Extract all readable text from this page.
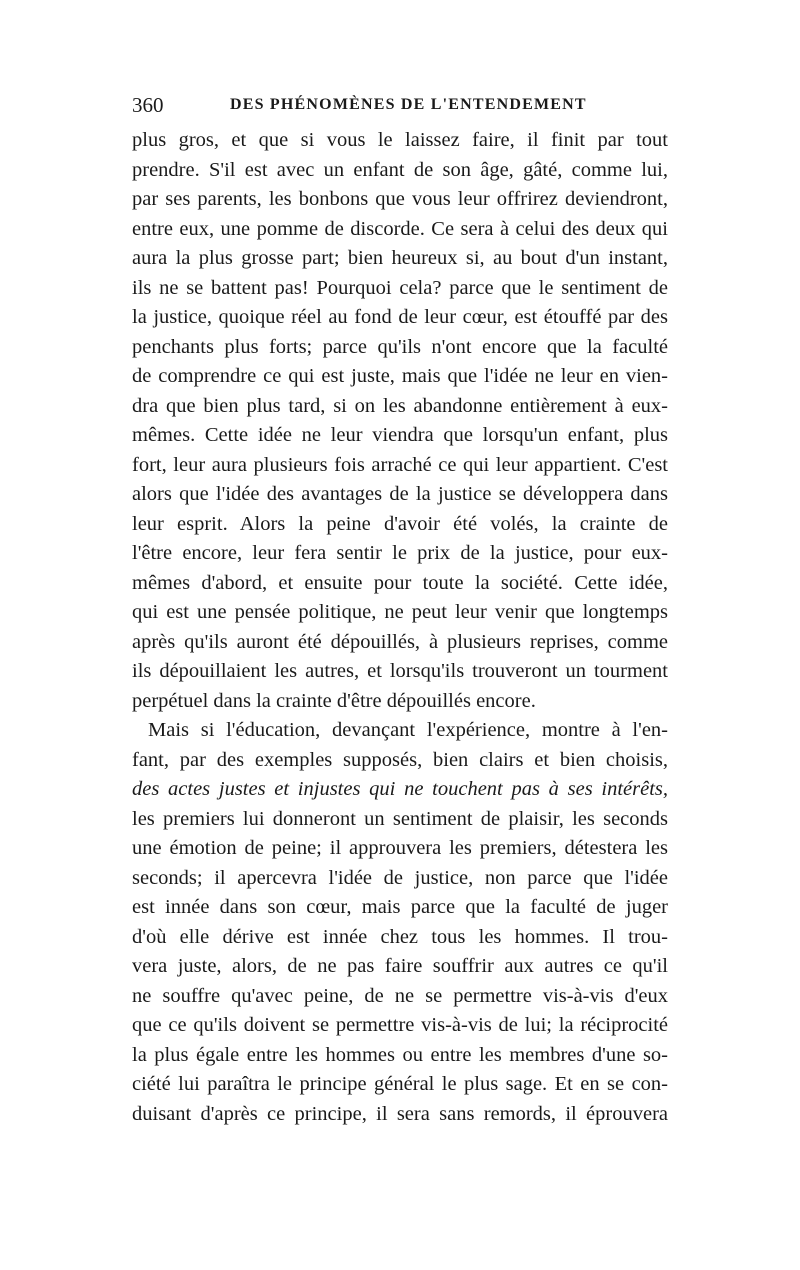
360	DES PHÉNOMÈNES DE L'ENTENDEMENT
plus gros, et que si vous le laissez faire, il finit par tout
prendre. S'il est avec un enfant de son âge, gâté, comme lui,
par ses parents, les bonbons que vous leur offrirez deviendront,
entre eux, une pomme de discorde. Ce sera à celui des deux qui
aura la plus grosse part; bien heureux si, au bout d'un instant,
ils ne se battent pas! Pourquoi cela? parce que le sentiment de
la justice, quoique réel au fond de leur cœur, est étouffé par des
penchants plus forts; parce qu'ils n'ont encore que la faculté
de comprendre ce qui est juste, mais que l'idée ne leur en vien-
dra que bien plus tard, si on les abandonne entièrement à eux-
mêmes. Cette idée ne leur viendra que lorsqu'un enfant, plus
fort, leur aura plusieurs fois arraché ce qui leur appartient. C'est
alors que l'idée des avantages de la justice se développera dans
leur esprit. Alors la peine d'avoir été volés, la crainte de
l'être encore, leur fera sentir le prix de la justice, pour eux-
mêmes d'abord, et ensuite pour toute la société. Cette idée,
qui est une pensée politique, ne peut leur venir que longtemps
après qu'ils auront été dépouillés, à plusieurs reprises, comme
ils dépouillaient les autres, et lorsqu'ils trouveront un tourment
perpétuel dans la crainte d'être dépouillés encore.
Mais si l'éducation, devançant l'expérience, montre à l'en-
fant, par des exemples supposés, bien clairs et bien choisis,
des actes justes et injustes qui ne touchent pas à ses intérêts,
les premiers lui donneront un sentiment de plaisir, les seconds
une émotion de peine; il approuvera les premiers, détestera les
seconds; il apercevra l'idée de justice, non parce que l'idée
est innée dans son cœur, mais parce que la faculté de juger
d'où elle dérive est innée chez tous les hommes. Il trou-
vera juste, alors, de ne pas faire souffrir aux autres ce qu'il
ne souffre qu'avec peine, de ne se permettre vis-à-vis d'eux
que ce qu'ils doivent se permettre vis-à-vis de lui; la réciprocité
la plus égale entre les hommes ou entre les membres d'une so-
ciété lui paraîtra le principe général le plus sage. Et en se con-
duisant d'après ce principe, il sera sans remords, il éprouvera
